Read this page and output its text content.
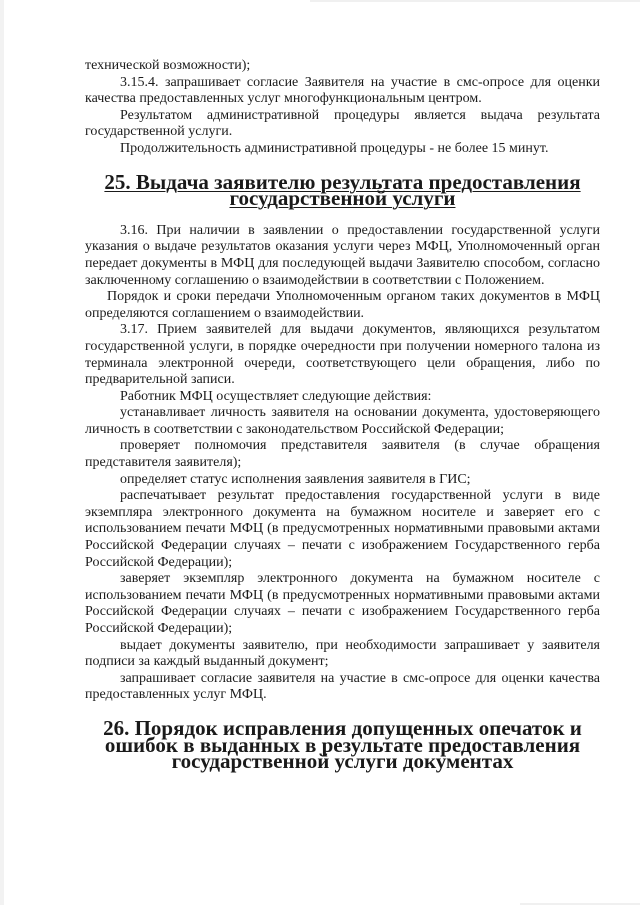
технической возможности);

3.15.4. запрашивает согласие Заявителя на участие в смс-опросе для оценки качества предоставленных услуг многофункциональным центром.

Результатом административной процедуры является выдача результата государственной услуги.

Продолжительность административной процедуры - не более 15 минут.

25. Выдача заявителю результата предоставления государственной услуги

3.16. При наличии в заявлении о предоставлении государственной услуги указания о выдаче результатов оказания услуги через МФЦ, Уполномоченный орган передает документы в МФЦ для последующей выдачи Заявителю способом, согласно заключенному соглашению о взаимодействии в соответствии с Положением.

Порядок и сроки передачи Уполномоченным органом таких документов в МФЦ определяются соглашением о взаимодействии.

3.17. Прием заявителей для выдачи документов, являющихся результатом государственной услуги, в порядке очередности при получении номерного талона из терминала электронной очереди, соответствующего цели обращения, либо по предварительной записи.

Работник МФЦ осуществляет следующие действия:

устанавливает личность заявителя на основании документа, удостоверяющего личность в соответствии с законодательством Российской Федерации;

проверяет полномочия представителя заявителя (в случае обращения представителя заявителя);

определяет статус исполнения заявления заявителя в ГИС;

распечатывает результат предоставления государственной услуги в виде экземпляра электронного документа на бумажном носителе и заверяет его с использованием печати МФЦ (в предусмотренных нормативными правовыми актами Российской Федерации случаях – печати с изображением Государственного герба Российской Федерации);

заверяет экземпляр электронного документа на бумажном носителе с использованием печати МФЦ (в предусмотренных нормативными правовыми актами Российской Федерации случаях – печати с изображением Государственного герба Российской Федерации);

выдает документы заявителю, при необходимости запрашивает у заявителя подписи за каждый выданный документ;

запрашивает согласие заявителя на участие в смс-опросе для оценки качества предоставленных услуг МФЦ.

26. Порядок исправления допущенных опечаток и ошибок в выданных в результате предоставления государственной услуги документах
